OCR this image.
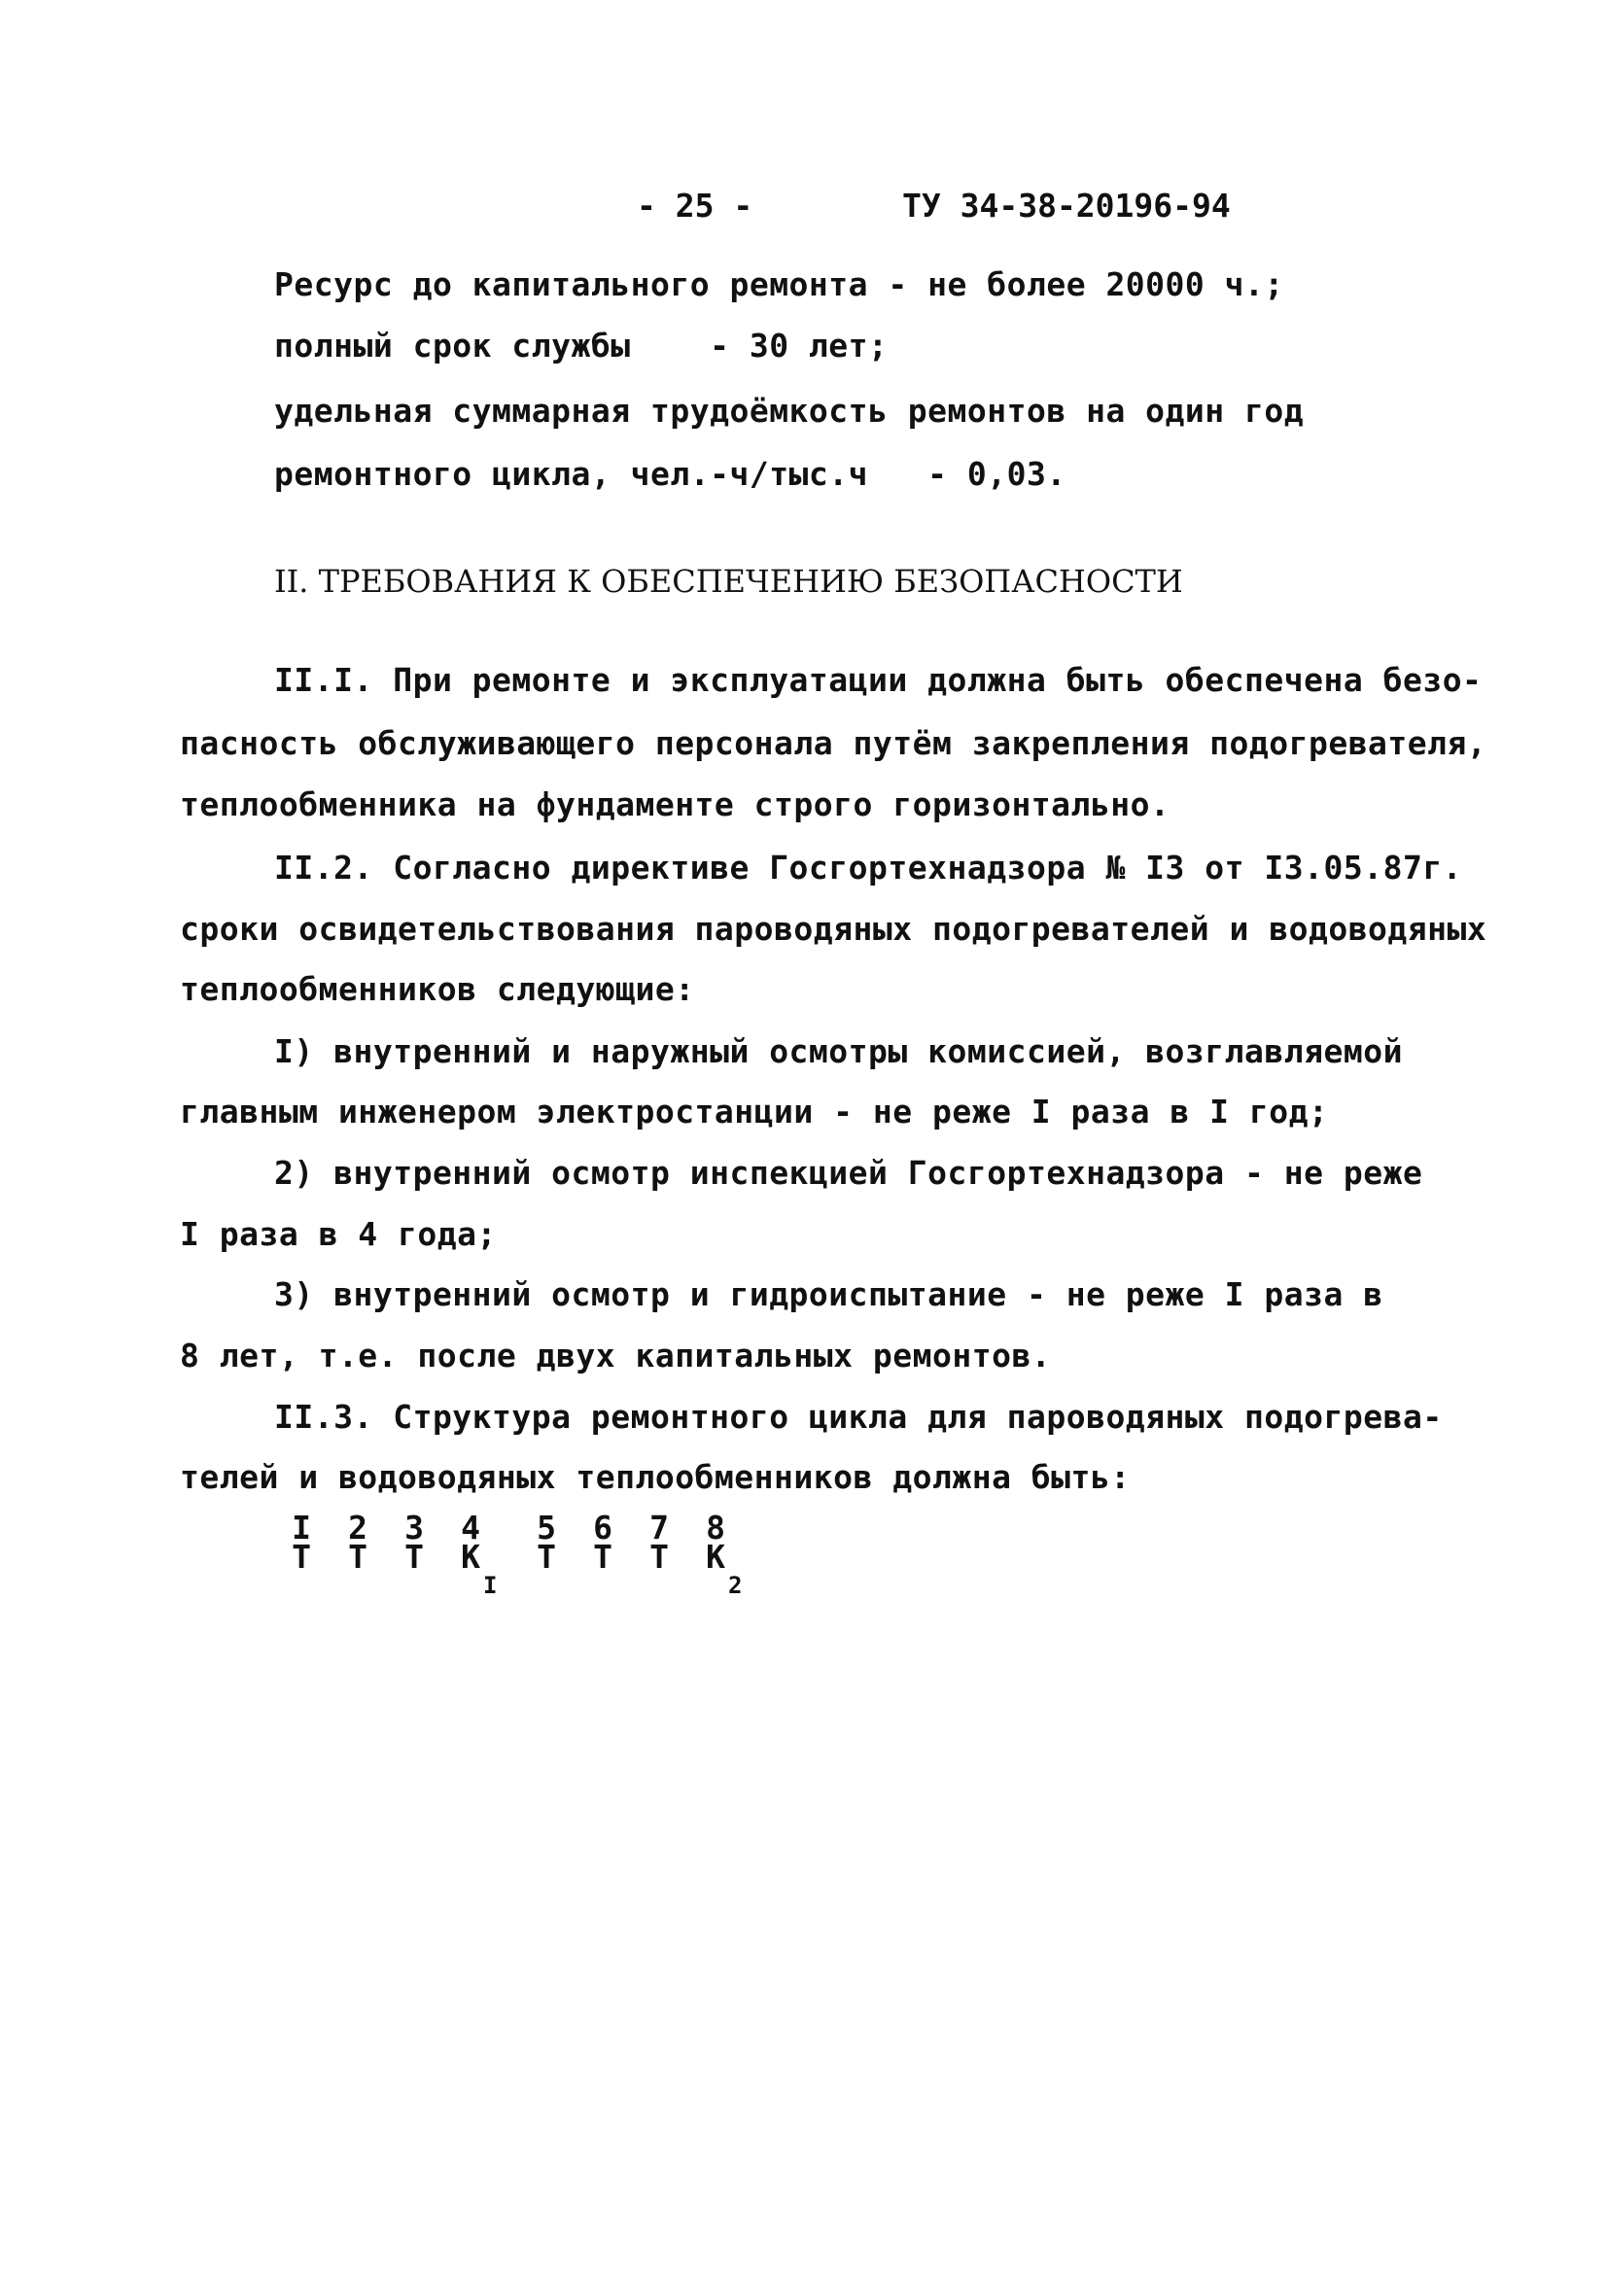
- 25 -	ТУ 34-38-20196-94
Ресурс до капитального ремонта - не более 20000 ч.;
полный срок службы    - 30 лет;
удельная суммарная трудоёмкость ремонтов на один год
ремонтного цикла, чел.-ч/тыс.ч   - 0,03.
II. ТРЕБОВАНИЯ К ОБЕСПЕЧЕНИЮ БЕЗОПАСНОСТИ
II.I. При ремонте и эксплуатации должна быть обеспечена безо-
пасность обслуживающего персонала путём закрепления подогревателя,
теплообменника на фундаменте строго горизонтально.
II.2. Согласно директиве Госгортехнадзора № I3 от I3.05.87г.
сроки освидетельствования пароводяных подогревателей и водоводяных
теплообменников следующие:
I) внутренний и наружный осмотры комиссией, возглавляемой
главным инженером электростанции - не реже I раза в I год;
2) внутренний осмотр инспекцией Госгортехнадзора - не реже
I раза в 4 года;
3) внутренний осмотр и гидроиспытание - не реже I раза в
8 лет, т.е. после двух капитальных ремонтов.
II.3. Структура ремонтного цикла для пароводяных подогрева-
телей и водоводяных теплообменников должна быть:
I	2	3	4	5	6	7	8
Т	Т	Т	К	Т	Т	Т	К
I	2
